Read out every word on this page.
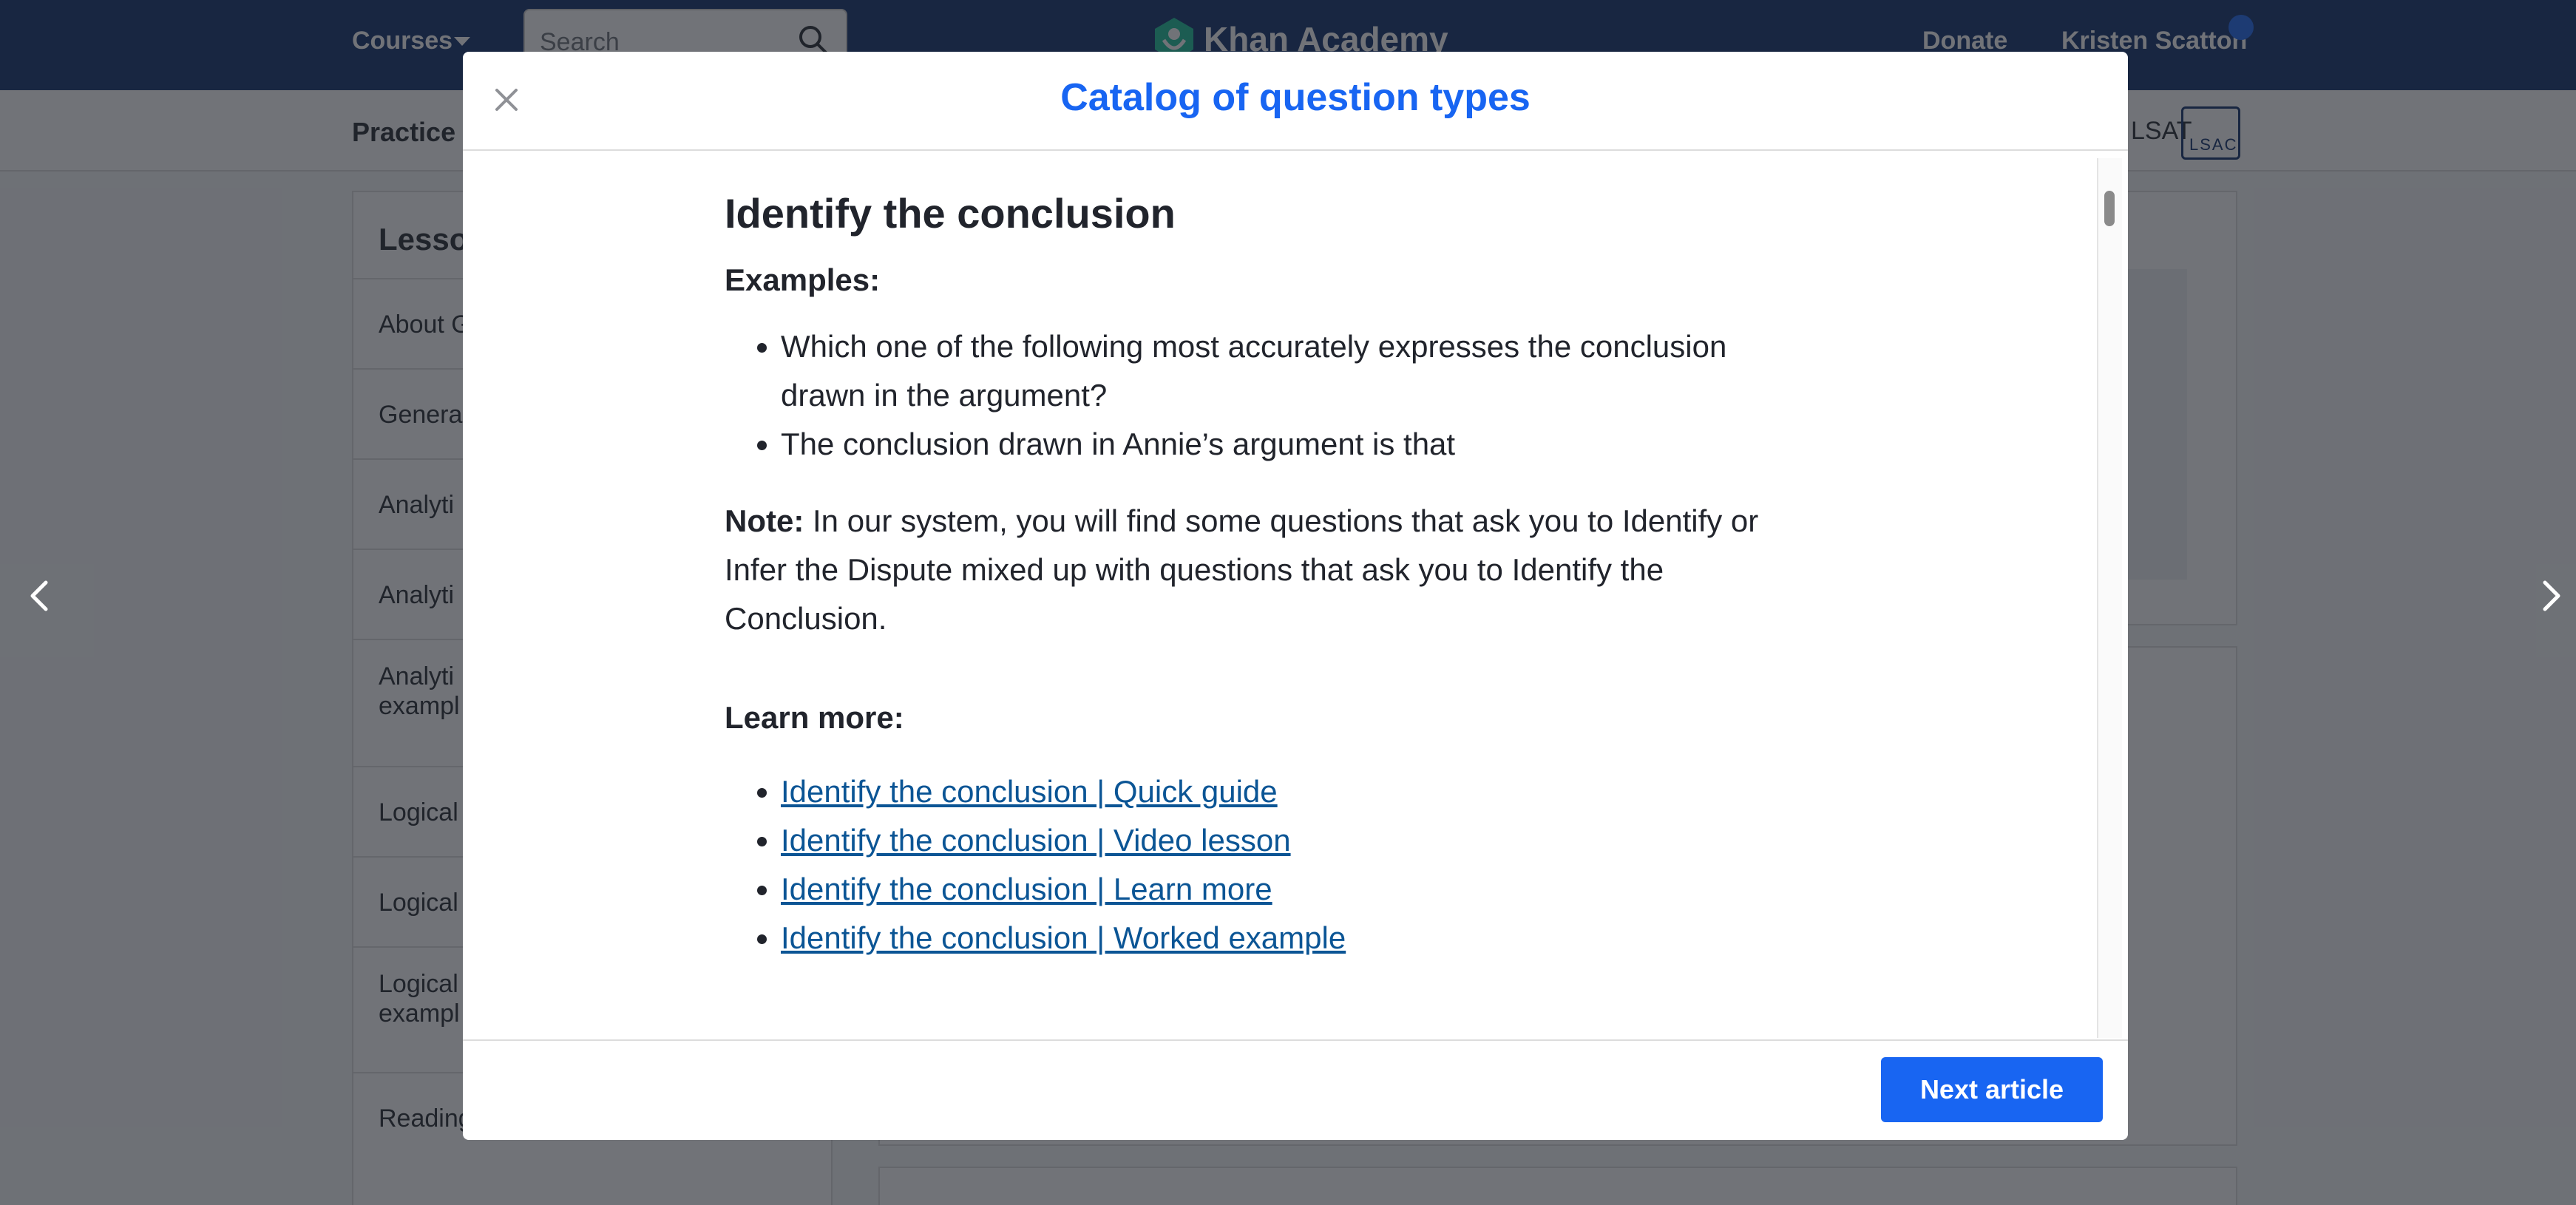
Catalog of question types
Identify the conclusion
Examples:
• Which one of the following most accurately expresses the conclusion drawn in the argument?
• The conclusion drawn in Annie’s argument is that

Note: In our system, you will find some questions that ask you to Identify or Infer the Dispute mixed up with questions that ask you to Identify the Conclusion.

Learn more:
• Identify the conclusion | Quick guide
• Identify the conclusion | Video lesson
• Identify the conclusion | Learn more
• Identify the conclusion | Worked example
Next article
